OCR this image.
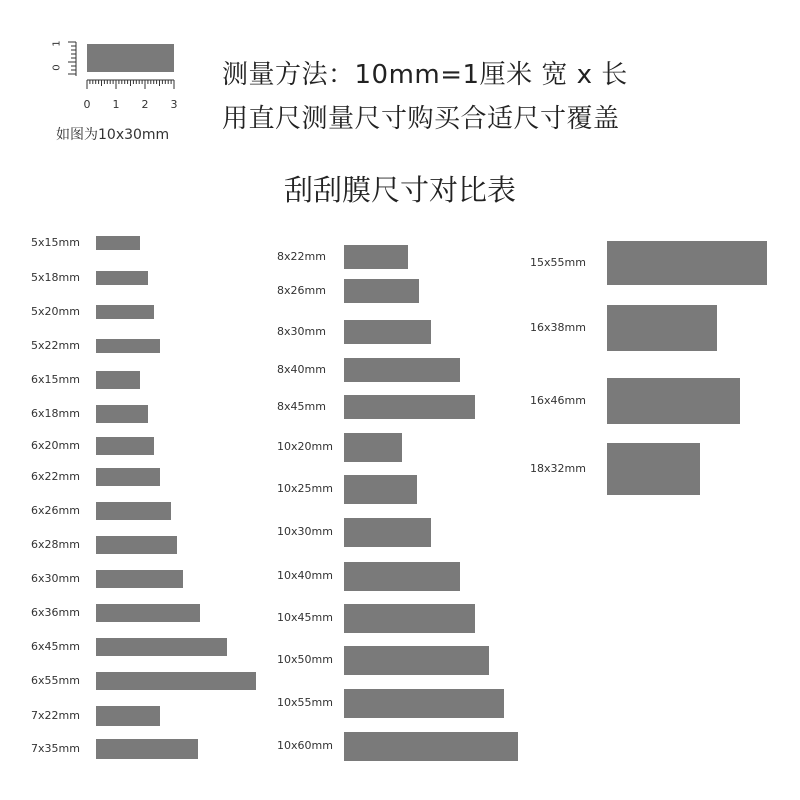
1
0
0 1 2 3
如图为10x30mm
测量方法：10mm=1厘米 宽 x 长
用直尺测量尺寸购买合适尺寸覆盖
刮刮膜尺寸对比表
5x15mm
5x18mm
5x20mm
5x22mm
6x15mm
6x18mm
6x20mm
6x22mm
6x26mm
6x28mm
6x30mm
6x36mm
6x45mm
6x55mm
7x22mm
7x35mm
8x22mm
8x26mm
8x30mm
8x40mm
8x45mm
10x20mm
10x25mm
10x30mm
10x40mm
10x45mm
10x50mm
10x55mm
10x60mm
15x55mm
16x38mm
16x46mm
18x32mm
